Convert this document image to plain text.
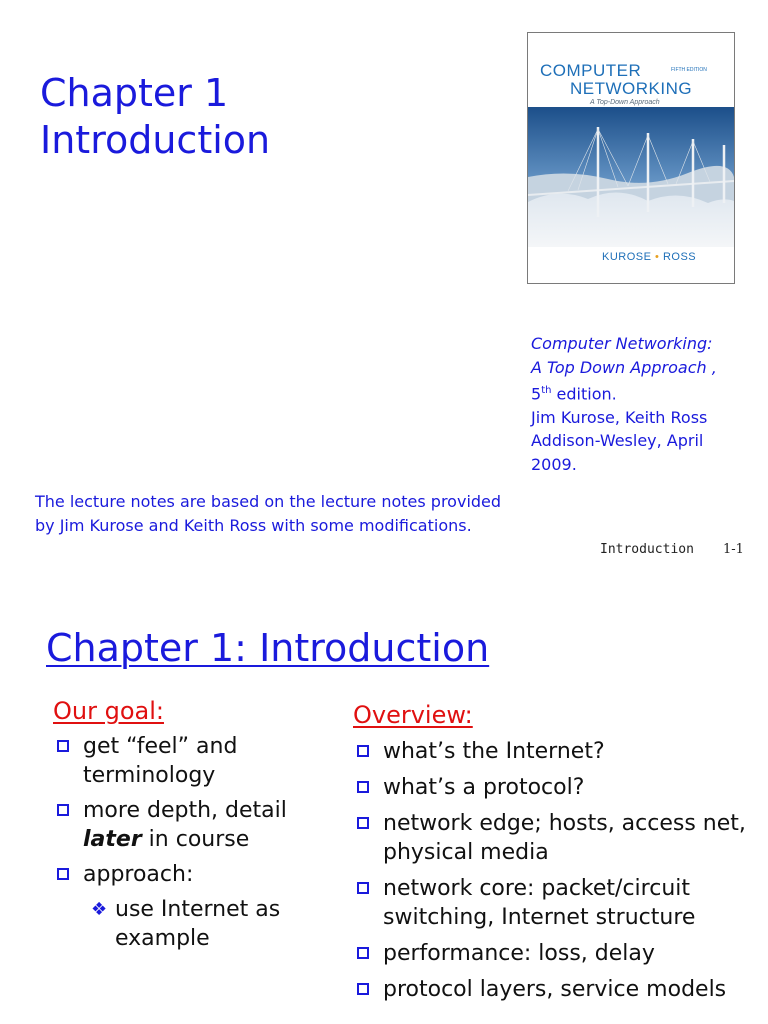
Chapter 1
Introduction
COMPUTER	FIFTH EDITION
NETWORKING
A Top-Down Approach
KUROSE • ROSS
Computer Networking:
A Top Down Approach ,
5th edition.
Jim Kurose, Keith Ross
Addison-Wesley, April
2009.
The lecture notes are based on the lecture notes provided by Jim Kurose and Keith Ross with some modifications.
Introduction 1-1
Chapter 1: Introduction
Our goal:
get “feel” and terminology
more depth, detail later in course
approach:
❖ use Internet as example
Overview:
what’s the Internet?
what’s a protocol?
network edge; hosts, access net, physical media
network core: packet/circuit switching, Internet structure
performance: loss, delay
protocol layers, service models
